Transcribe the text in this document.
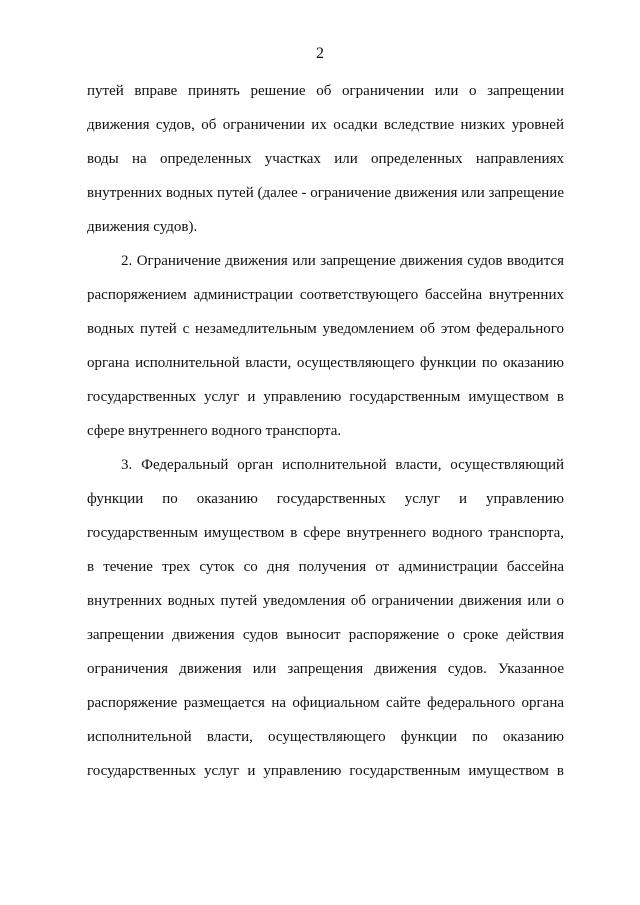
2
путей вправе принять решение об ограничении или о запрещении
движения судов, об ограничении их осадки вследствие низких уровней
воды на определенных участках или определенных направлениях
внутренних водных путей (далее - ограничение движения или запрещение
движения судов).
2. Ограничение движения или запрещение движения судов вводится
распоряжением администрации соответствующего бассейна внутренних
водных путей с незамедлительным уведомлением об этом федерального
органа исполнительной власти, осуществляющего функции по оказанию
государственных услуг и управлению государственным имуществом в
сфере внутреннего водного транспорта.
3. Федеральный орган исполнительной власти, осуществляющий
функции по оказанию государственных услуг и управлению
государственным имуществом в сфере внутреннего водного транспорта,
в течение трех суток со дня получения от администрации бассейна
внутренних водных путей уведомления об ограничении движения или о
запрещении движения судов выносит распоряжение о сроке действия
ограничения движения или запрещения движения судов. Указанное
распоряжение размещается на официальном сайте федерального органа
исполнительной власти, осуществляющего функции по оказанию
государственных услуг и управлению государственным имуществом в
